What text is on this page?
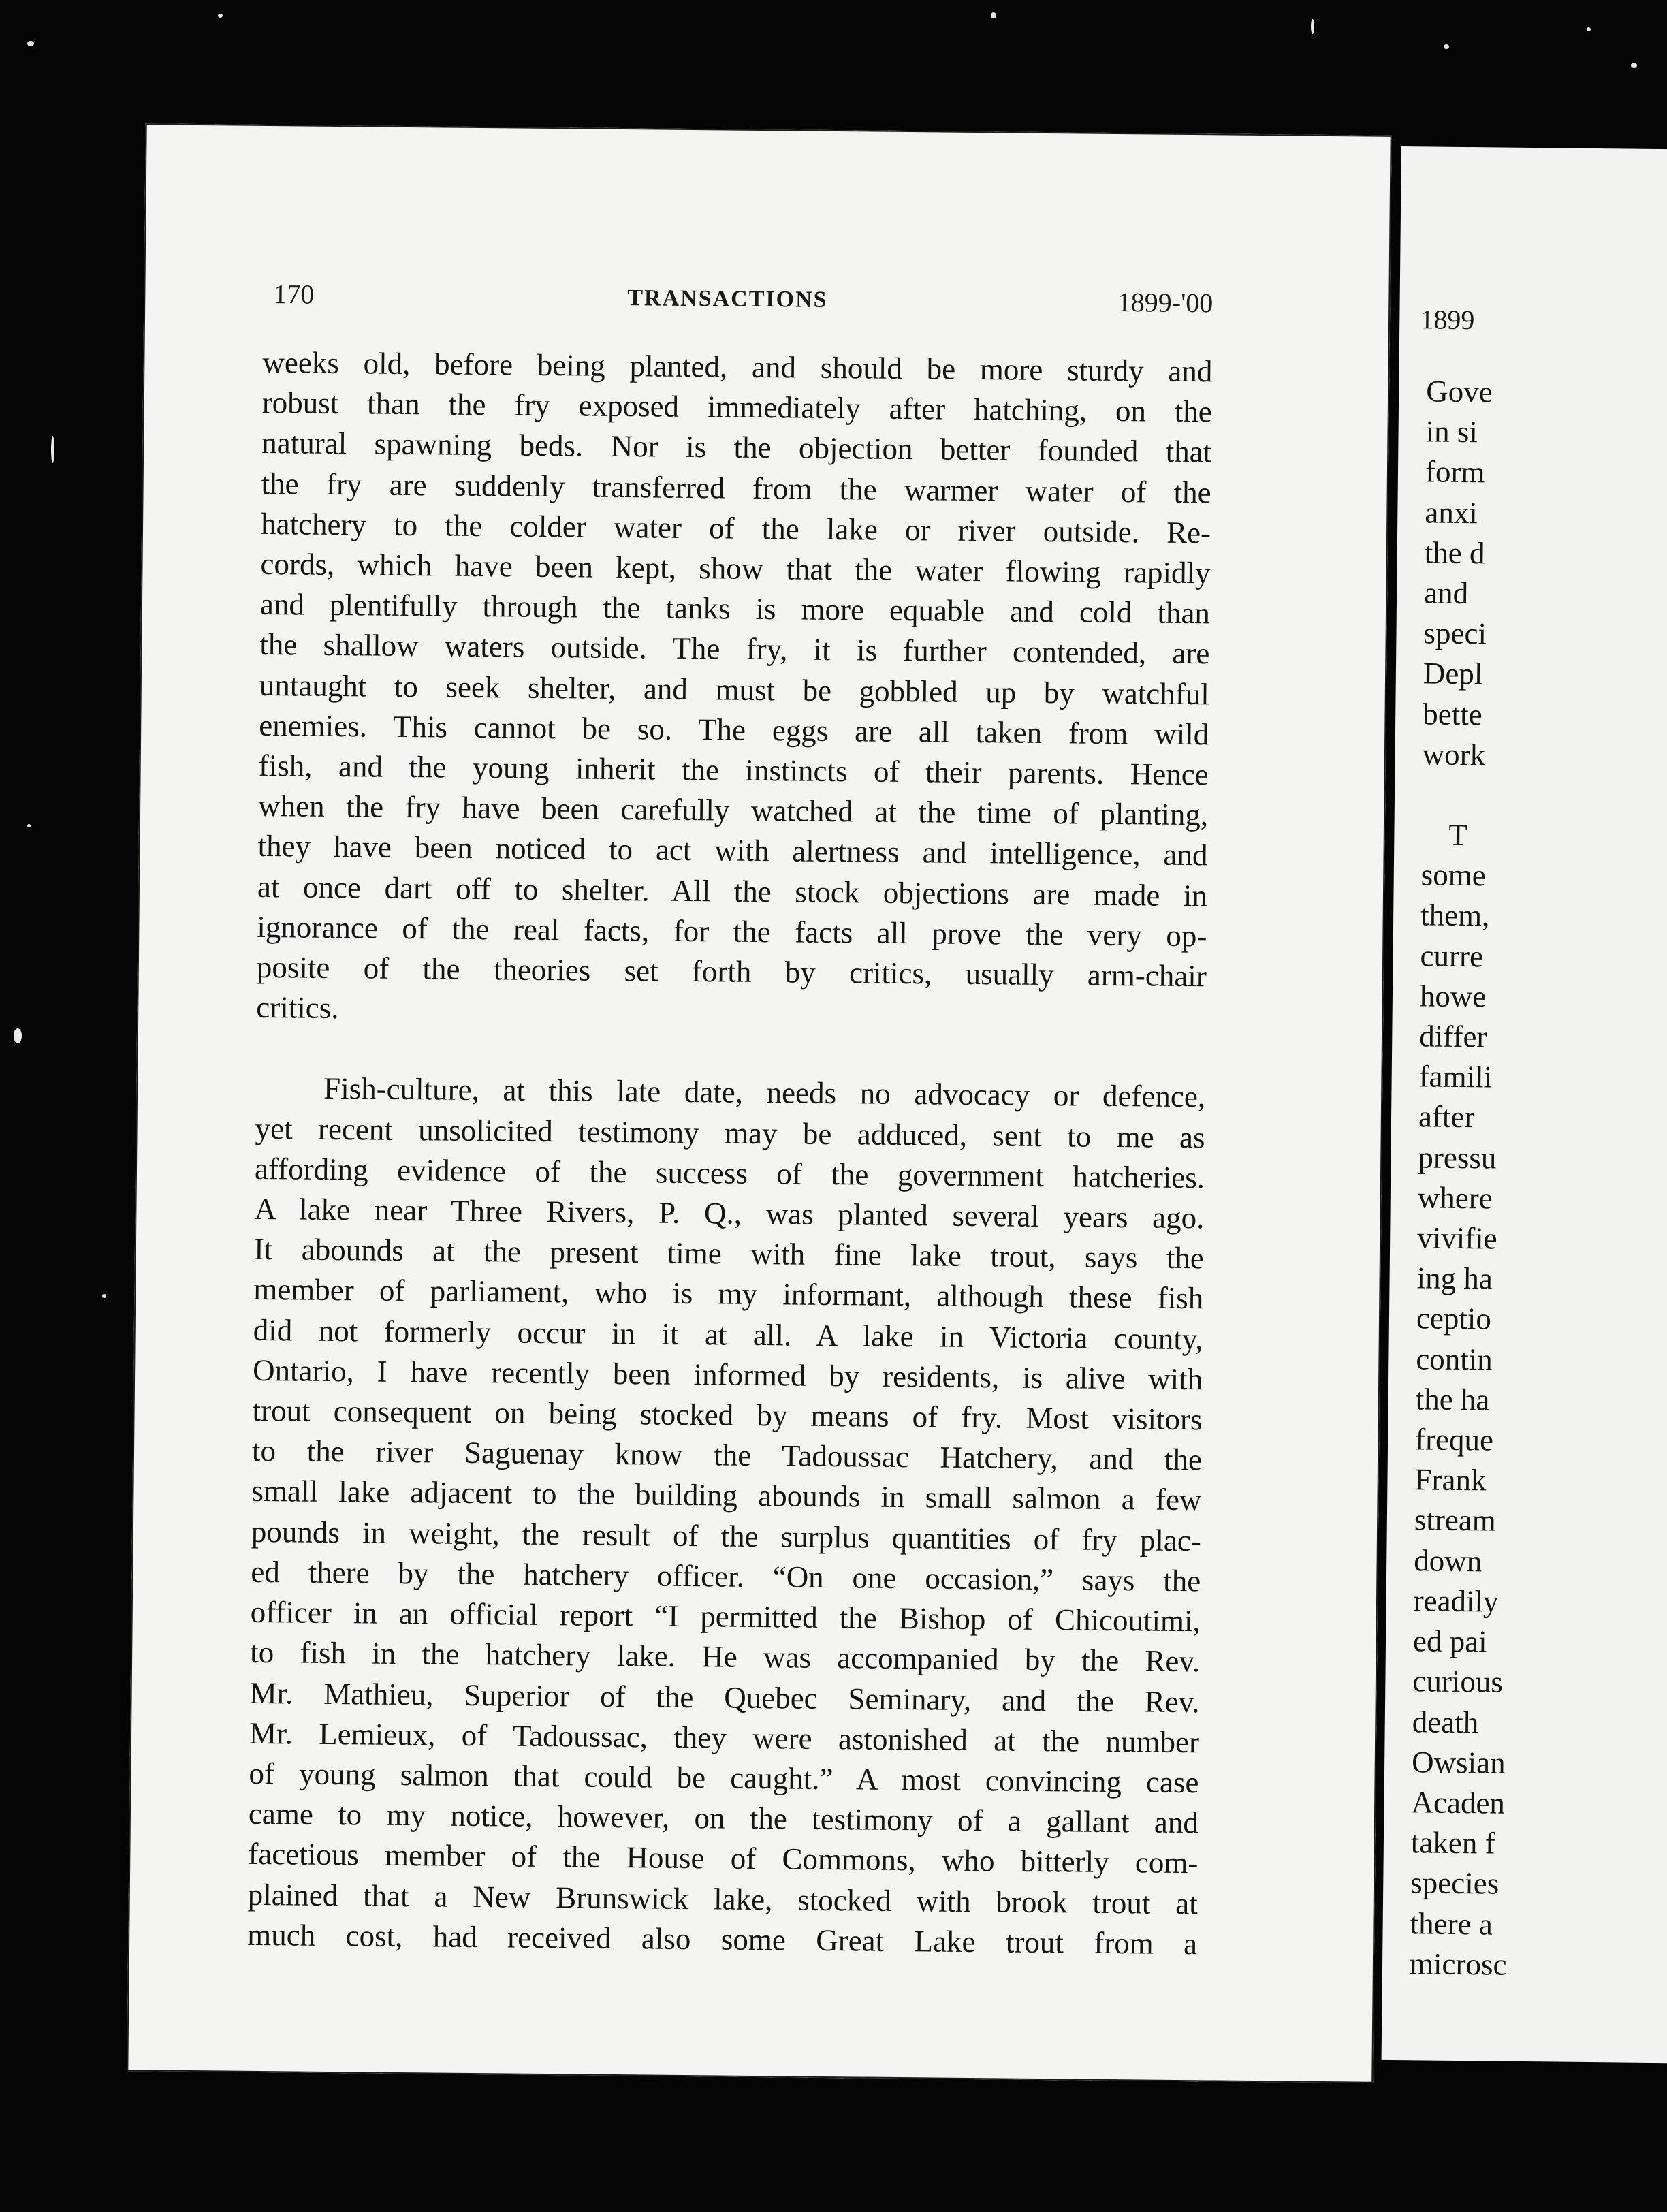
170	TRANSACTIONS	1899-'00
weeks old, before being planted, and should be more sturdy and
robust than the fry exposed immediately after hatching, on the
natural spawning beds. Nor is the objection better founded that
the fry are suddenly transferred from the warmer water of the
hatchery to the colder water of the lake or river outside. Re-
cords, which have been kept, show that the water flowing rapidly
and plentifully through the tanks is more equable and cold than
the shallow waters outside. The fry, it is further contended, are
untaught to seek shelter, and must be gobbled up by watchful
enemies. This cannot be so. The eggs are all taken from wild
fish, and the young inherit the instincts of their parents. Hence
when the fry have been carefully watched at the time of planting,
they have been noticed to act with alertness and intelligence, and
at once dart off to shelter. All the stock objections are made in
ignorance of the real facts, for the facts all prove the very op-
posite of the theories set forth by critics, usually arm-chair
critics.
Fish-culture, at this late date, needs no advocacy or defence,
yet recent unsolicited testimony may be adduced, sent to me as
affording evidence of the success of the government hatcheries.
A lake near Three Rivers, P. Q., was planted several years ago.
It abounds at the present time with fine lake trout, says the
member of parliament, who is my informant, although these fish
did not formerly occur in it at all. A lake in Victoria county,
Ontario, I have recently been informed by residents, is alive with
trout consequent on being stocked by means of fry. Most visitors
to the river Saguenay know the Tadoussac Hatchery, and the
small lake adjacent to the building abounds in small salmon a few
pounds in weight, the result of the surplus quantities of fry plac-
ed there by the hatchery officer. “On one occasion,” says the
officer in an official report “I permitted the Bishop of Chicoutimi,
to fish in the hatchery lake. He was accompanied by the Rev.
Mr. Mathieu, Superior of the Quebec Seminary, and the Rev.
Mr. Lemieux, of Tadoussac, they were astonished at the number
of young salmon that could be caught.” A most convincing case
came to my notice, however, on the testimony of a gallant and
facetious member of the House of Commons, who bitterly com-
plained that a New Brunswick lake, stocked with brook trout at
much cost, had received also some Great Lake trout from a
1899
Gove
in si
form
anxi
the d
and
speci
Depl
bette
work
T
some
them,
curre
howe
differ
famili
after
pressu
where
vivifie
ing ha
ceptio
contin
the ha
freque
Frank
stream
down
readily
ed pai
curious
death
Owsian
Acaden
taken f
species
there a
microsc
